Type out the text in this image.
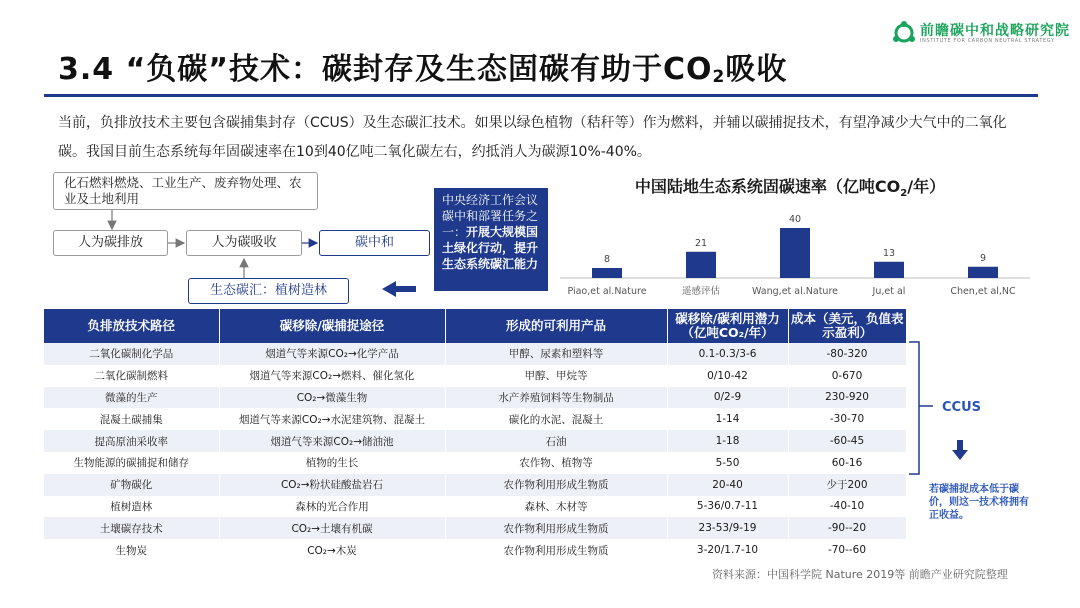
3.4 “负碳”技术：碳封存及生态固碳有助于$CO_2$吸收
前瞻碳中和战略研究院
INSTITUTE FOR CARBON NEUTRAL STRATEGY
当前，负排放技术主要包含碳捕集封存（CCUS）及生态碳汇技术。如果以绿色植物（秸秆等）作为燃料，并辅以碳捕捉技术，有望净减少大气中的二氧化碳。我国目前生态系统每年固碳速率在10到40亿吨二氧化碳左右，约抵消人为碳源10%-40%。
化石燃料燃烧、工业生产、废弃物处理、农业及土地利用
人为碳排放	人为碳吸收	碳中和
生态碳汇：植树造林
中央经济工作会议碳中和部署任务之一：开展大规模国土绿化行动，提升生态系统碳汇能力
中国陆地生态系统固碳速率（亿吨$CO_2/$年）
8
Piao,et al.Nature
21
遥感评估
40
Wang,et al.Nature
13
Ju,et al
9
Chen,et al,NC
负排放技术路径	碳移除/碳捕捉途径	形成的可利用产品	碳移除/碳利用潜力（亿吨CO₂/年）	成本（美元，负值表示盈利）
二氧化碳制化学品	烟道气等来源CO₂→化学产品	甲醇、尿素和塑料等	0.1-0.3/3-6	-80-320
二氧化碳制燃料	烟道气等来源CO₂→燃料、催化氢化	甲醇、甲烷等	0/10-42	0-670
微藻的生产	CO₂→微藻生物	水产养殖饲料等生物制品	0/2-9	230-920
混凝土碳捕集	烟道气等来源CO₂→水泥建筑物、混凝土	碳化的水泥、混凝土	1-14	-30-70
提高原油采收率	烟道气等来源CO₂→储油池	石油	1-18	-60-45
生物能源的碳捕捉和储存	植物的生长	农作物、植物等	5-50	60-16
矿物碳化	CO₂→粉状硅酸盐岩石	农作物利用形成生物质	20-40	少于200
植树造林	森林的光合作用	森林、木材等	5-36/0.7-11	-40-10
土壤碳存技术	CO₂→土壤有机碳	农作物利用形成生物质	23-53/9-19	-90--20
生物炭	CO₂→木炭	农作物利用形成生物质	3-20/1.7-10	-70--60
CCUS
若碳捕捉成本低于碳价，则这一技术将拥有正收益。
资料来源：中国科学院 Nature 2019等 前瞻产业研究院整理
